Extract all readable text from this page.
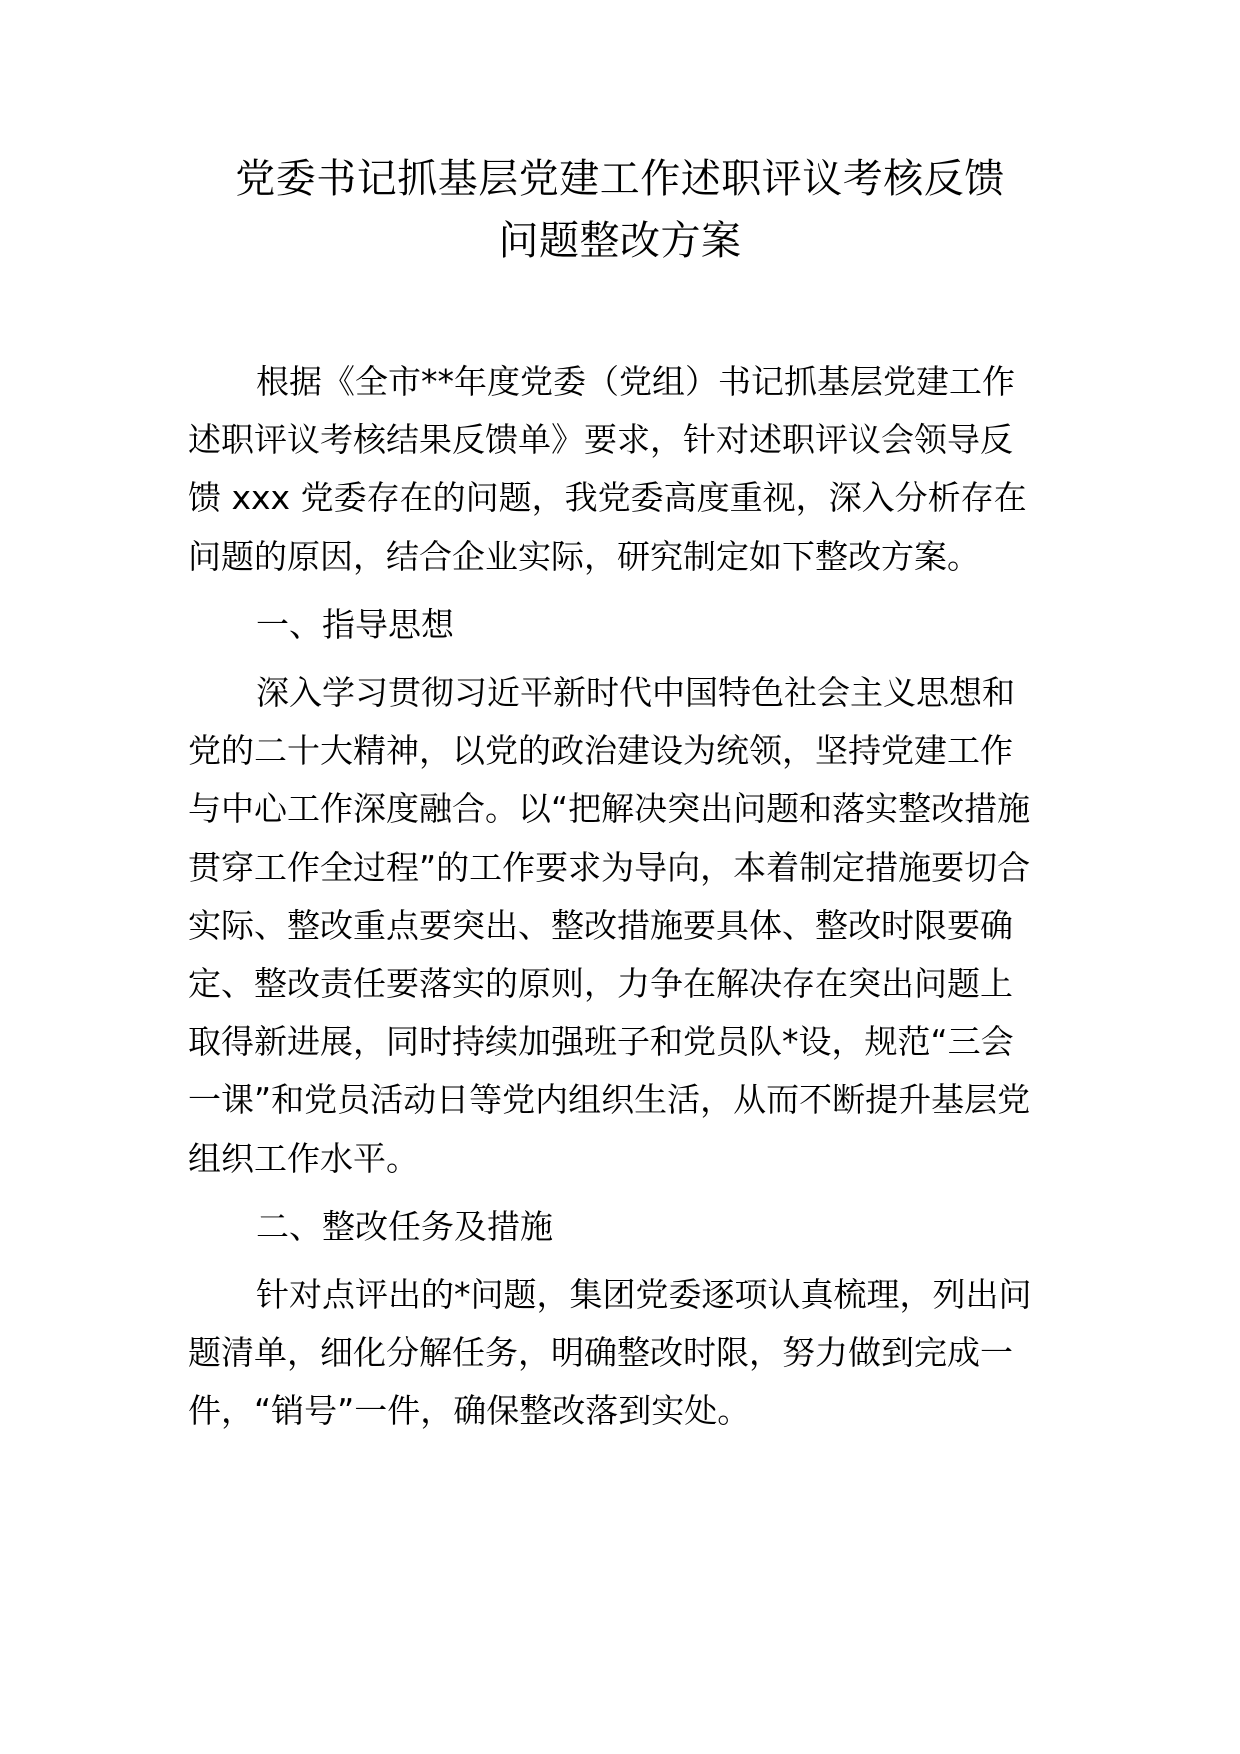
党委书记抓基层党建工作述职评议考核反馈
问题整改方案
根据《全市**年度党委（党组）书记抓基层党建工作
述职评议考核结果反馈单》要求，针对述职评议会领导反
馈 xxx 党委存在的问题，我党委高度重视，深入分析存在
问题的原因，结合企业实际，研究制定如下整改方案。

一、指导思想

深入学习贯彻习近平新时代中国特色社会主义思想和
党的二十大精神，以党的政治建设为统领，坚持党建工作
与中心工作深度融合。以“把解决突出问题和落实整改措施
贯穿工作全过程”的工作要求为导向，本着制定措施要切合
实际、整改重点要突出、整改措施要具体、整改时限要确
定、整改责任要落实的原则，力争在解决存在突出问题上
取得新进展，同时持续加强班子和党员队*设，规范“三会
一课”和党员活动日等党内组织生活，从而不断提升基层党
组织工作水平。

二、整改任务及措施

针对点评出的*问题，集团党委逐项认真梳理，列出问
题清单，细化分解任务，明确整改时限，努力做到完成一
件，“销号”一件，确保整改落到实处。
